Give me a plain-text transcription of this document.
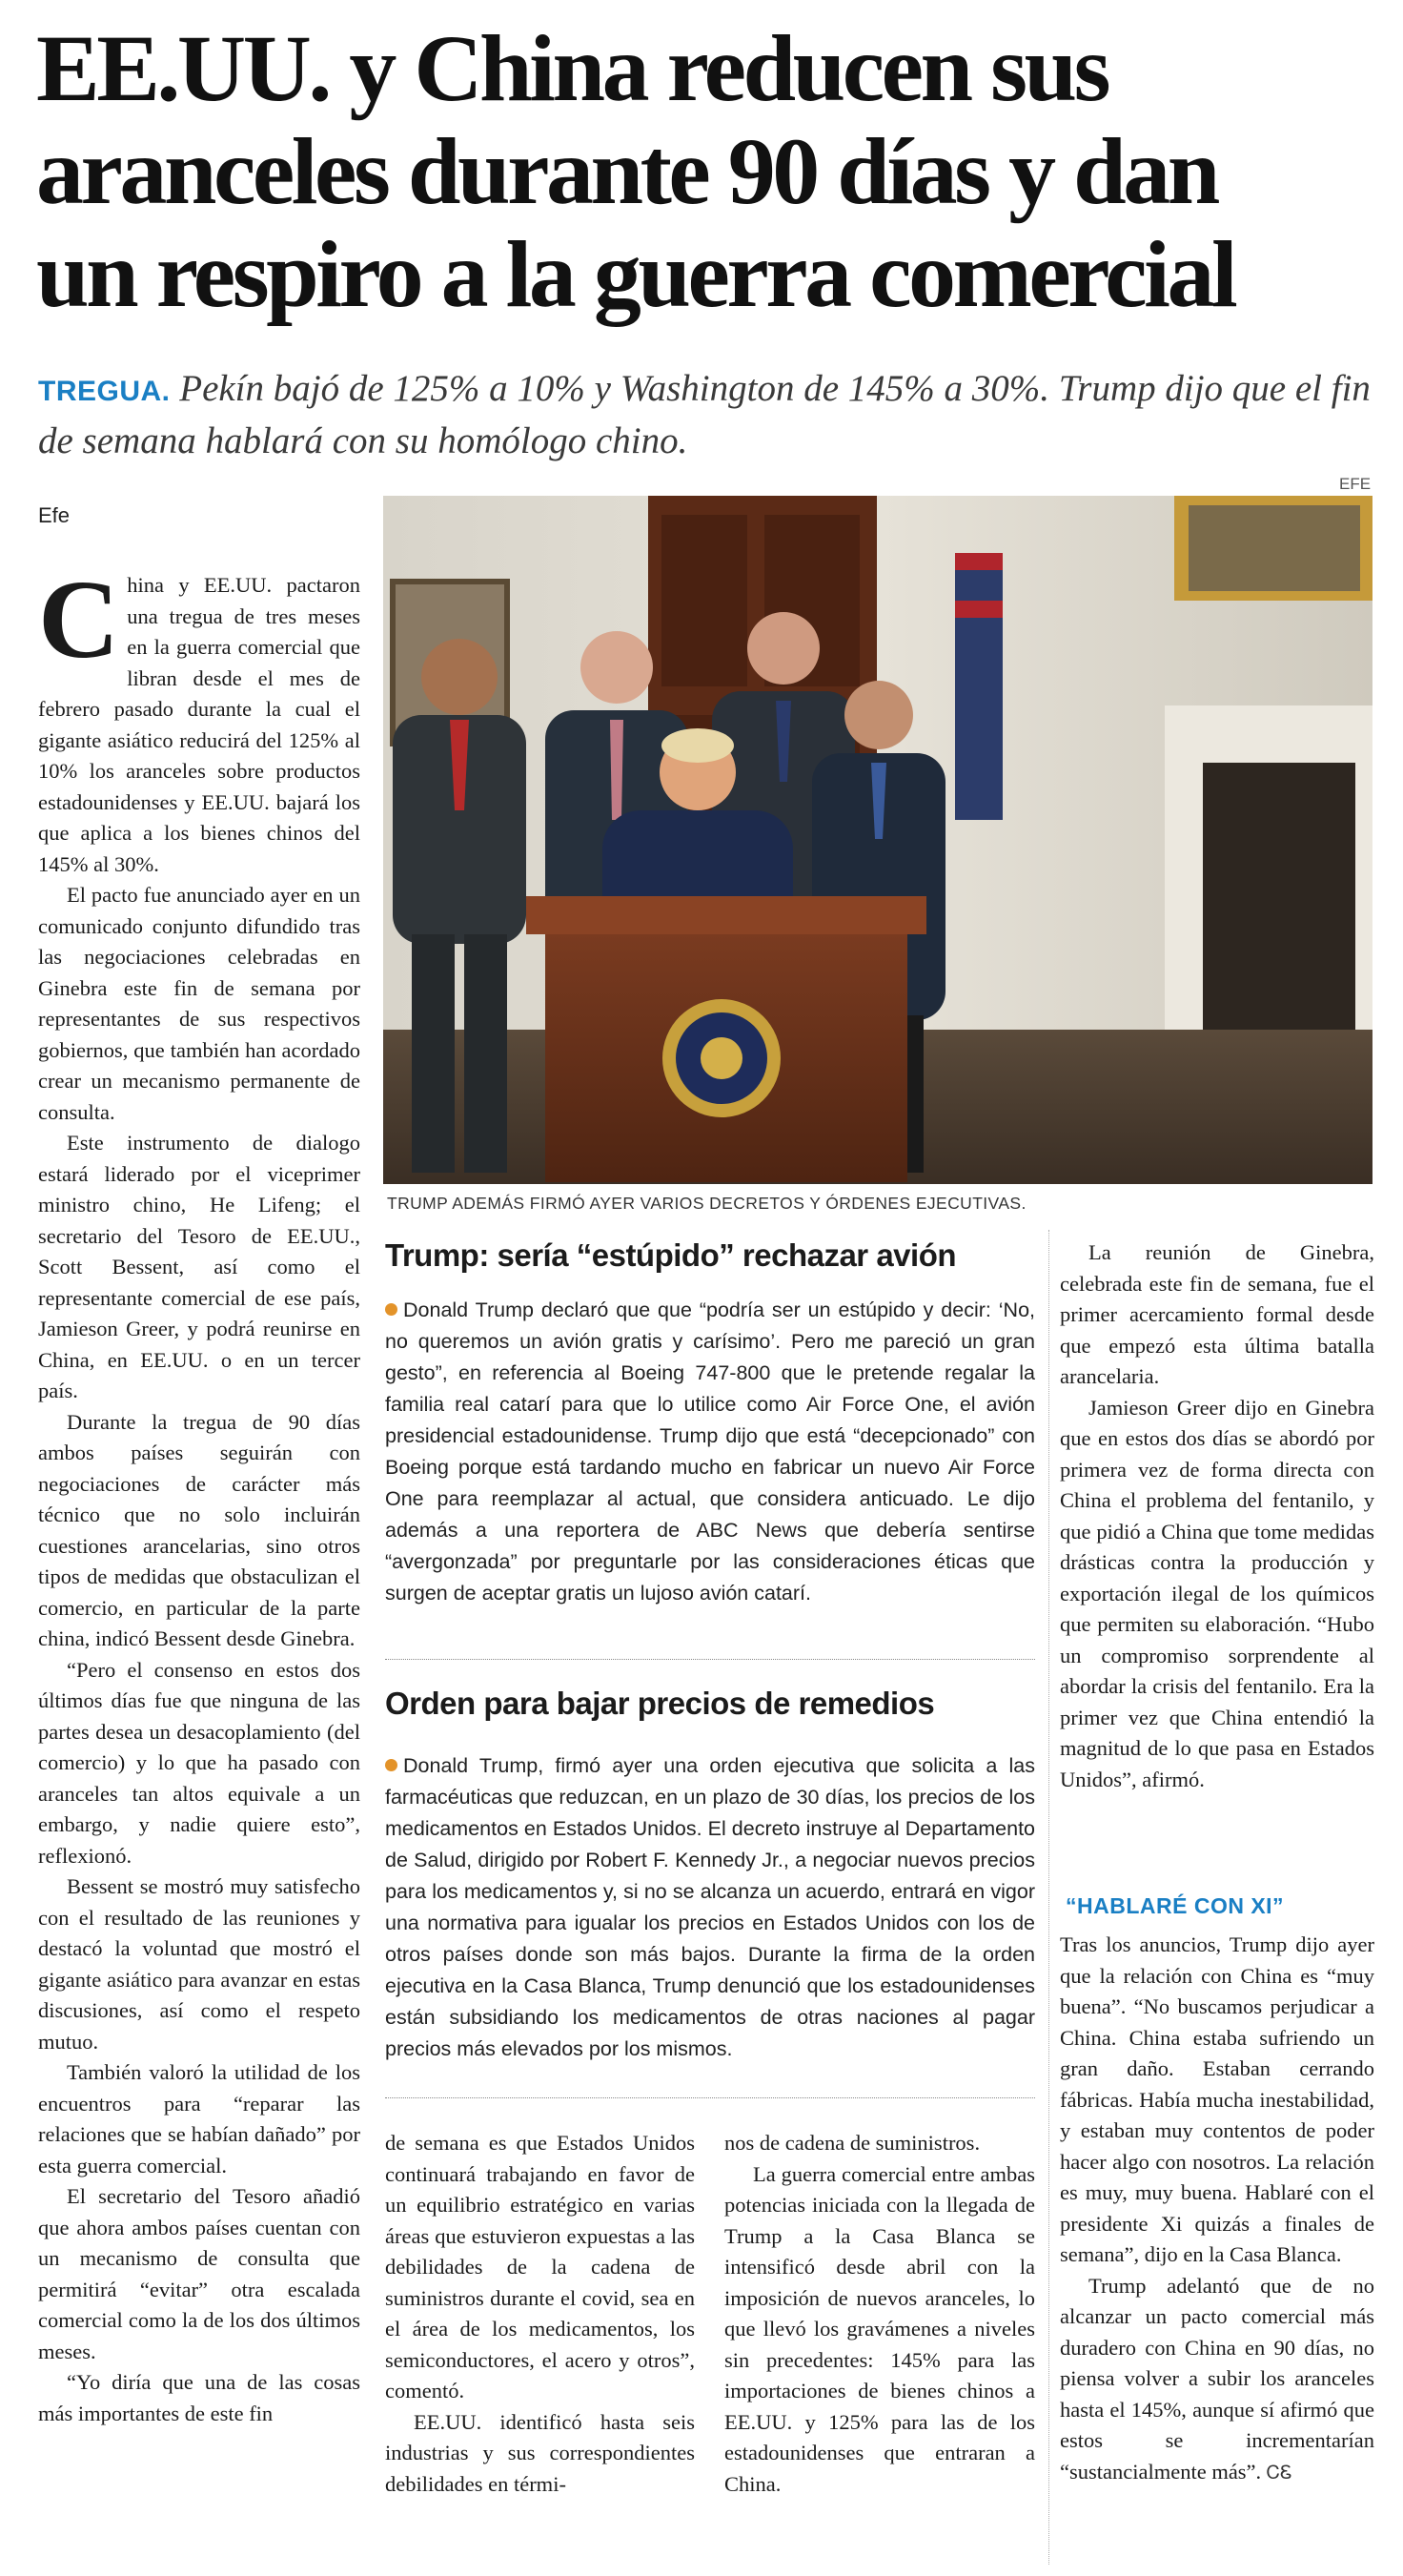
EE.UU. y China reducen sus
aranceles durante 90 días y dan
un respiro a la guerra comercial
TREGUA. Pekín bajó de 125% a 10% y Washington de 145% a 30%. Trump dijo que el fin de semana hablará con su homólogo chino.
Efe
EFE
TRUMP ADEMÁS FIRMÓ AYER VARIOS DECRETOS Y ÓRDENES EJECUTIVAS.

China y EE.UU. pactaron una tregua de tres meses en la guerra comercial que libran desde el mes de febrero pasado durante la cual el gigante asiático reducirá del 125% al 10% los aranceles sobre productos estadounidenses y EE.UU. bajará los que aplica a los bienes chinos del 145% al 30%.

El pacto fue anunciado ayer en un comunicado conjunto difundido tras las negociaciones celebradas en Ginebra este fin de semana por representantes de sus respectivos gobiernos, que también han acordado crear un mecanismo permanente de consulta.

Este instrumento de dialogo estará liderado por el viceprimer ministro chino, He Lifeng; el secretario del Tesoro de EE.UU., Scott Bessent, así como el representante comercial de ese país, Jamieson Greer, y podrá reunirse en China, en EE.UU. o en un tercer país.

Durante la tregua de 90 días ambos países seguirán con negociaciones de carácter más técnico que no solo incluirán cuestiones arancelarias, sino otros tipos de medidas que obstaculizan el comercio, en particular de la parte china, indicó Bessent desde Ginebra.

“Pero el consenso en estos dos últimos días fue que ninguna de las partes desea un desacoplamiento (del comercio) y lo que ha pasado con aranceles tan altos equivale a un embargo, y nadie quiere esto”, reflexionó.

Bessent se mostró muy satisfecho con el resultado de las reuniones y destacó la voluntad que mostró el gigante asiático para avanzar en estas discusiones, así como el respeto mutuo.

También valoró la utilidad de los encuentros para “reparar las relaciones que se habían dañado” por esta guerra comercial.

El secretario del Tesoro añadió que ahora ambos países cuentan con un mecanismo de consulta que permitirá “evitar” otra escalada comercial como la de los dos últimos meses.

“Yo diría que una de las cosas más importantes de este fin

Trump: sería “estúpido” rechazar avión
Donald Trump declaró que que “podría ser un estúpido y decir: ‘No, no queremos un avión gratis y carísimo’. Pero me pareció un gran gesto”, en referencia al Boeing 747-800 que le pretende regalar la familia real catarí para que lo utilice como Air Force One, el avión presidencial estadounidense. Trump dijo que está “decepcionado” con Boeing porque está tardando mucho en fabricar un nuevo Air Force One para reemplazar al actual, que considera anticuado. Le dijo además a una reportera de ABC News que debería sentirse “avergonzada” por preguntarle por las consideraciones éticas que surgen de aceptar gratis un lujoso avión catarí.
Orden para bajar precios de remedios
Donald Trump, firmó ayer una orden ejecutiva que solicita a las farmacéuticas que reduzcan, en un plazo de 30 días, los precios de los medicamentos en Estados Unidos. El decreto instruye al Departamento de Salud, dirigido por Robert F. Kennedy Jr., a negociar nuevos precios para los medicamentos y, si no se alcanza un acuerdo, entrará en vigor una normativa para igualar los precios en Estados Unidos con los de otros países donde son más bajos. Durante la firma de la orden ejecutiva en la Casa Blanca, Trump denunció que los estadounidenses están subsidiando los medicamentos de otras naciones al pagar precios más elevados por los mismos.

de semana es que Estados Unidos continuará trabajando en favor de un equilibrio estratégico en varias áreas que estuvieron expuestas a las debilidades de la cadena de suministros durante el covid, sea en el área de los medicamentos, los semiconductores, el acero y otros”, comentó.

EE.UU. identificó hasta seis industrias y sus correspondientes debilidades en térmi-

nos de cadena de suministros.

La guerra comercial entre ambas potencias iniciada con la llegada de Trump a la Casa Blanca se intensificó desde abril con la imposición de nuevos aranceles, lo que llevó los gravámenes a niveles sin precedentes: 145% para las importaciones de bienes chinos a EE.UU. y 125% para las de los estadounidenses que entraran a China.

La reunión de Ginebra, celebrada este fin de semana, fue el primer acercamiento formal desde que empezó esta última batalla arancelaria.

Jamieson Greer dijo en Ginebra que en estos dos días se abordó por primera vez de forma directa con China el problema del fentanilo, y que pidió a China que tome medidas drásticas contra la producción y exportación ilegal de los químicos que permiten su elaboración. “Hubo un compromiso sorprendente al abordar la crisis del fentanilo. Era la primer vez que China entendió la magnitud de lo que pasa en Estados Unidos”, afirmó.

“HABLARÉ CON XI”

Tras los anuncios, Trump dijo ayer que la relación con China es “muy buena”. “No buscamos perjudicar a China. China estaba sufriendo un gran daño. Estaban cerrando fábricas. Había mucha inestabilidad, y estaban muy contentos de poder hacer algo con nosotros. La relación es muy, muy buena. Hablaré con el presidente Xi quizás a finales de semana”, dijo en la Casa Blanca.

Trump adelantó que de no alcanzar un pacto comercial más duradero con China en 90 días, no piensa volver a subir los aranceles hasta el 145%, aunque sí afirmó que estos se incrementarían “sustancialmente más”. ᏟᏋ
